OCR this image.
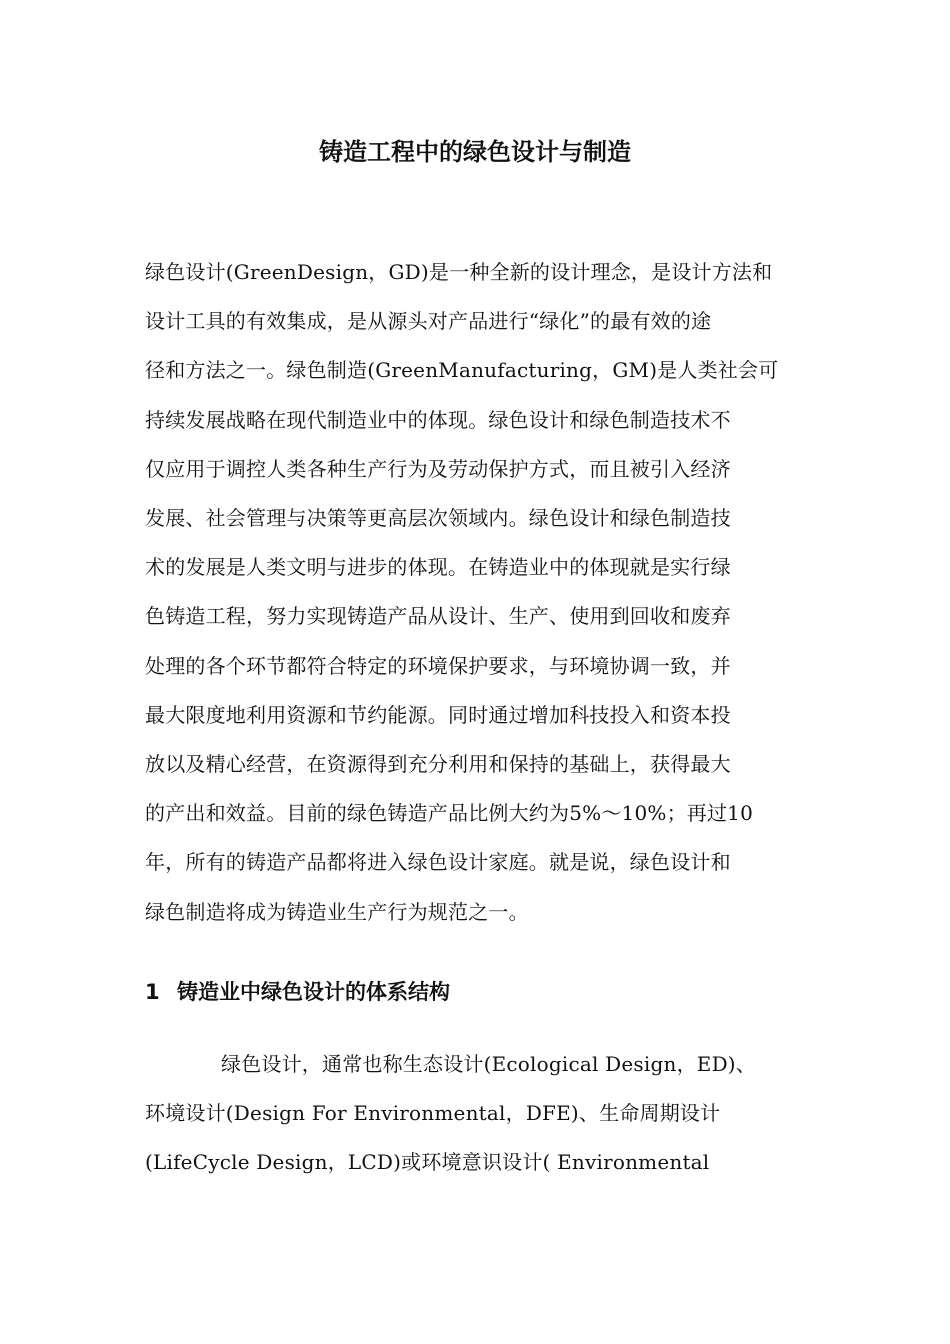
铸造工程中的绿色设计与制造

绿色设计(GreenDesign，GD)是一种全新的设计理念，是设计方法和
设计工具的有效集成，是从源头对产品进行“绿化”的最有效的途
径和方法之一。绿色制造(GreenManufacturing，GM)是人类社会可
持续发展战略在现代制造业中的体现。绿色设计和绿色制造技术不
仅应用于调控人类各种生产行为及劳动保护方式，而且被引入经济
发展、社会管理与决策等更高层次领域内。绿色设计和绿色制造技
术的发展是人类文明与进步的体现。在铸造业中的体现就是实行绿
色铸造工程，努力实现铸造产品从设计、生产、使用到回收和废弃
处理的各个环节都符合特定的环境保护要求，与环境协调一致，并
最大限度地利用资源和节约能源。同时通过增加科技投入和资本投
放以及精心经营，在资源得到充分利用和保持的基础上，获得最大
的产出和效益。目前的绿色铸造产品比例大约为5%～10%；再过10
年，所有的铸造产品都将进入绿色设计家庭。就是说，绿色设计和
绿色制造将成为铸造业生产行为规范之一。

1 铸造业中绿色设计的体系结构

绿色设计，通常也称生态设计(Ecological Design，ED)、
环境设计(Design For Environmental，DFE)、生命周期设计
(LifeCycle Design，LCD)或环境意识设计( Environmental
